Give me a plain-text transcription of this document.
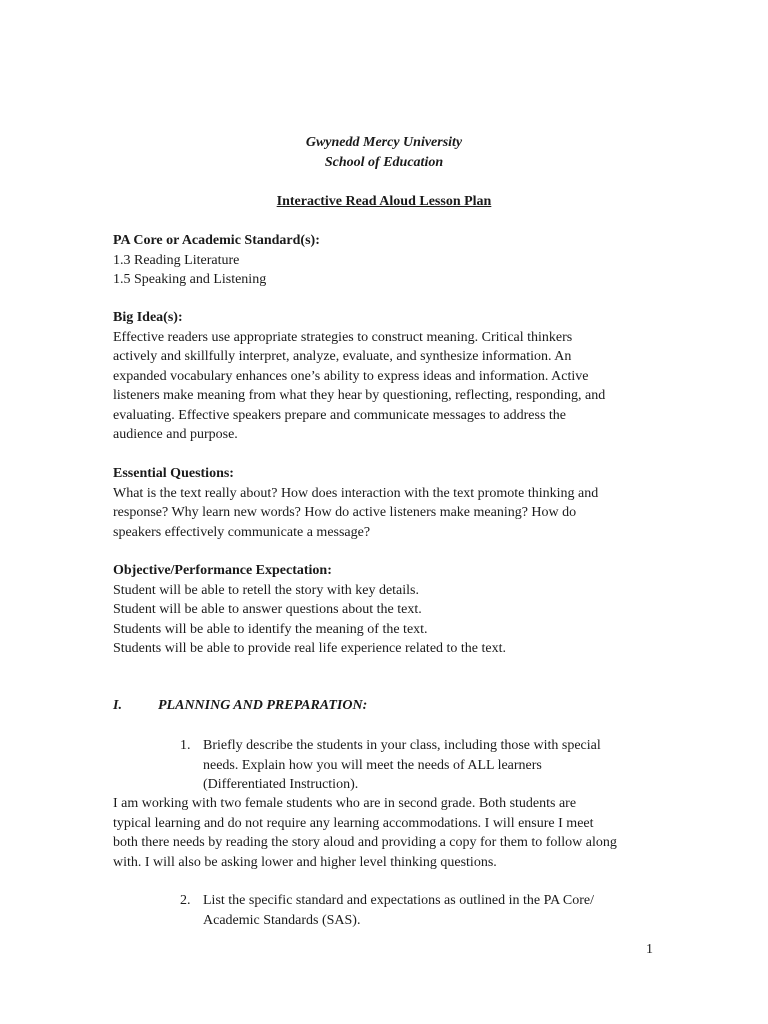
Gwynedd Mercy University
School of Education
Interactive Read Aloud Lesson Plan
PA Core or Academic Standard(s):
1.3 Reading Literature
1.5 Speaking and Listening
Big Idea(s):
Effective readers use appropriate strategies to construct meaning. Critical thinkers
actively and skillfully interpret, analyze, evaluate, and synthesize information. An
expanded vocabulary enhances one’s ability to express ideas and information. Active
listeners make meaning from what they hear by questioning, reflecting, responding, and
evaluating. Effective speakers prepare and communicate messages to address the
audience and purpose.
Essential Questions:
What is the text really about? How does interaction with the text promote thinking and
response? Why learn new words? How do active listeners make meaning? How do
speakers effectively communicate a message?
Objective/Performance Expectation:
Student will be able to retell the story with key details.
Student will be able to answer questions about the text.
Students will be able to identify the meaning of the text.
Students will be able to provide real life experience related to the text.
I.	PLANNING AND PREPARATION:
1. Briefly describe the students in your class, including those with special
needs. Explain how you will meet the needs of ALL learners
(Differentiated Instruction).
I am working with two female students who are in second grade. Both students are
typical learning and do not require any learning accommodations. I will ensure I meet
both there needs by reading the story aloud and providing a copy for them to follow along
with. I will also be asking lower and higher level thinking questions.
2. List the specific standard and expectations as outlined in the PA Core/
Academic Standards (SAS).
1
